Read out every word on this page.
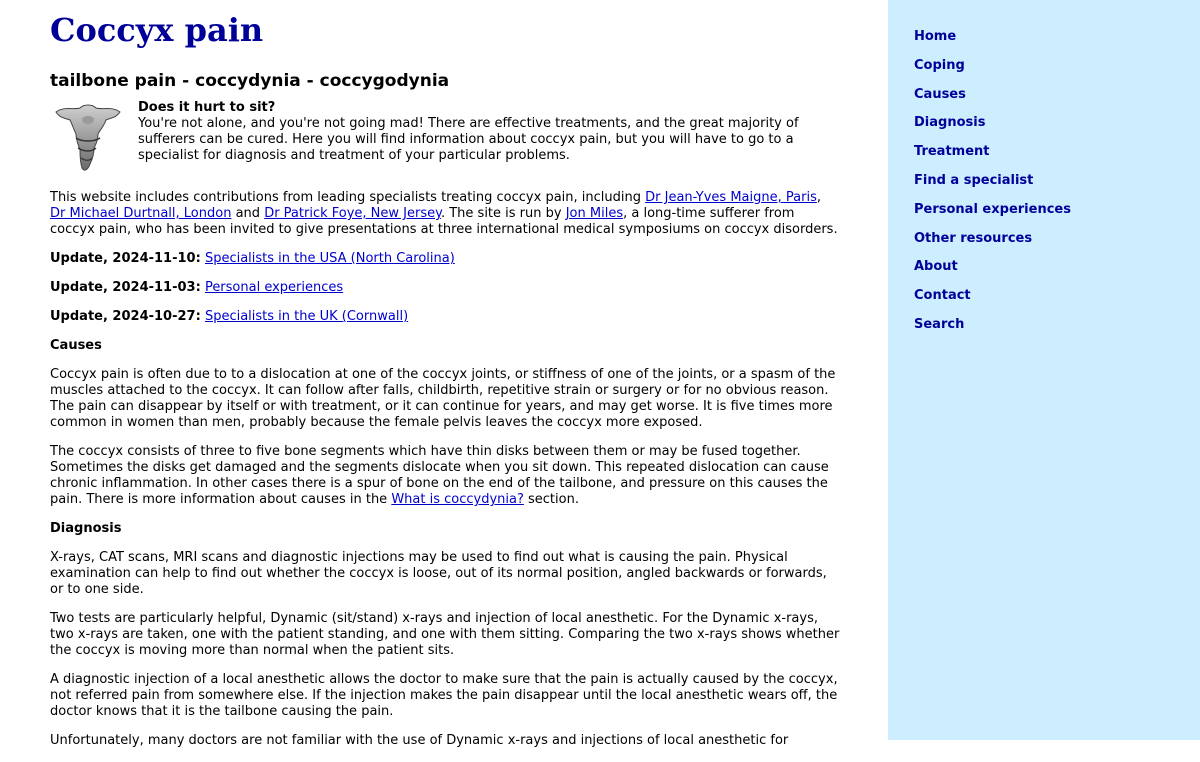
Coccyx pain
tailbone pain - coccydynia - coccygodynia
Does it hurt to sit?
You're not alone, and you're not going mad! There are effective treatments, and the great majority of sufferers can be cured. Here you will find information about coccyx pain, but you will have to go to a specialist for diagnosis and treatment of your particular problems.

This website includes contributions from leading specialists treating coccyx pain, including Dr Jean-Yves Maigne, Paris, Dr Michael Durtnall, London and Dr Patrick Foye, New Jersey. The site is run by Jon Miles, a long-time sufferer from coccyx pain, who has been invited to give presentations at three international medical symposiums on coccyx disorders.

Update, 2024-11-10: Specialists in the USA (North Carolina)
Update, 2024-11-03: Personal experiences
Update, 2024-10-27: Specialists in the UK (Cornwall)
Causes

Coccyx pain is often due to to a dislocation at one of the coccyx joints, or stiffness of one of the joints, or a spasm of the muscles attached to the coccyx. It can follow after falls, childbirth, repetitive strain or surgery or for no obvious reason. The pain can disappear by itself or with treatment, or it can continue for years, and may get worse. It is five times more common in women than men, probably because the female pelvis leaves the coccyx more exposed.

The coccyx consists of three to five bone segments which have thin disks between them or may be fused together. Sometimes the disks get damaged and the segments dislocate when you sit down. This repeated dislocation can cause chronic inflammation. In other cases there is a spur of bone on the end of the tailbone, and pressure on this causes the pain. There is more information about causes in the What is coccydynia? section.

Diagnosis

X-rays, CAT scans, MRI scans and diagnostic injections may be used to find out what is causing the pain. Physical examination can help to find out whether the coccyx is loose, out of its normal position, angled backwards or forwards, or to one side.

Two tests are particularly helpful, Dynamic (sit/stand) x-rays and injection of local anesthetic. For the Dynamic x-rays, two x-rays are taken, one with the patient standing, and one with them sitting. Comparing the two x-rays shows whether the coccyx is moving more than normal when the patient sits.

A diagnostic injection of a local anesthetic allows the doctor to make sure that the pain is actually caused by the coccyx, not referred pain from somewhere else. If the injection makes the pain disappear until the local anesthetic wears off, the doctor knows that it is the tailbone causing the pain.

Unfortunately, many doctors are not familiar with the use of Dynamic x-rays and injections of local anesthetic for

Home
Coping
Causes
Diagnosis
Treatment
Find a specialist
Personal experiences
Other resources
About
Contact
Search
